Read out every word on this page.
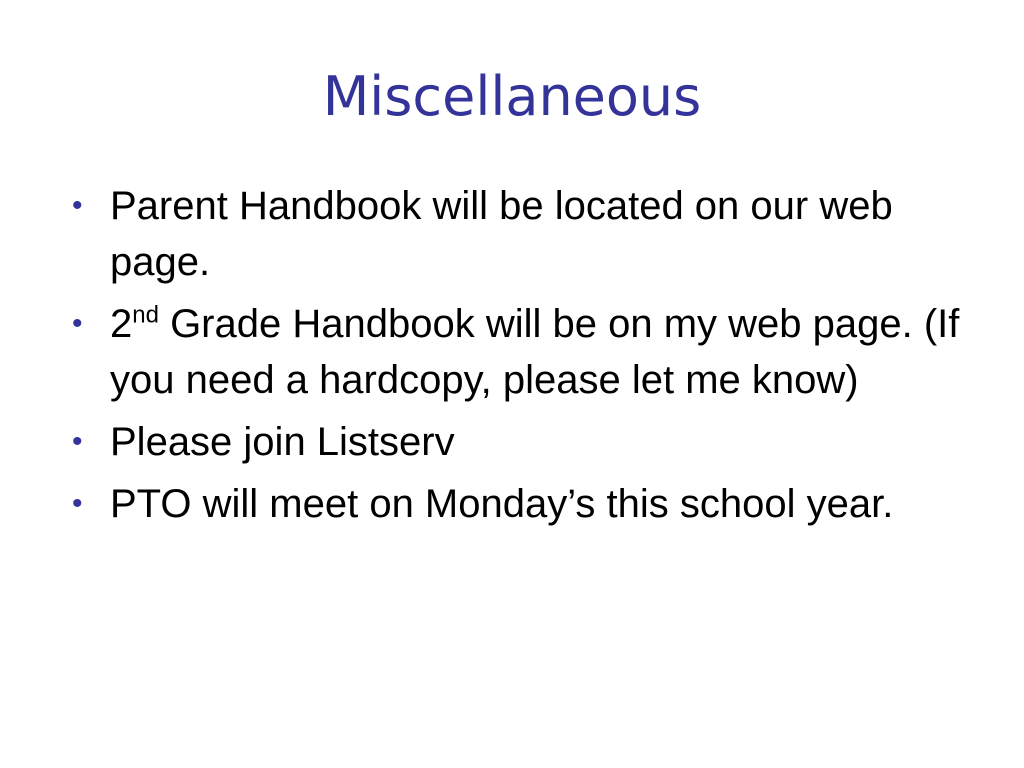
Miscellaneous
• Parent Handbook will be located on our web page.
• 2nd Grade Handbook will be on my web page. (If you need a hardcopy, please let me know)
• Please join Listserv
• PTO will meet on Monday’s this school year.
